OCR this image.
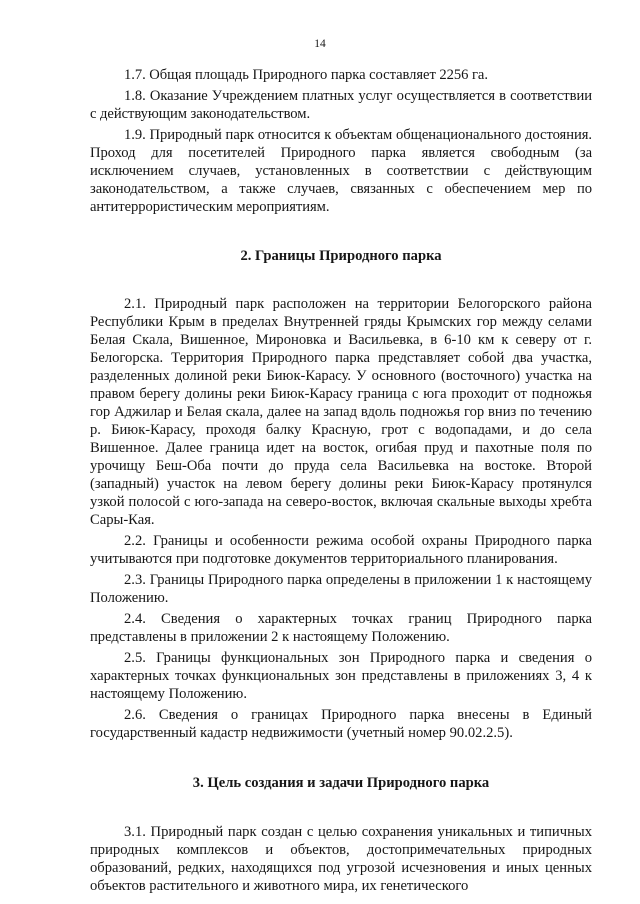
14

1.7. Общая площадь Природного парка составляет 2256 га.

1.8. Оказание Учреждением платных услуг осуществляется в соответствии с действующим законодательством.

1.9. Природный парк относится к объектам общенационального достояния. Проход для посетителей Природного парка является свободным (за исключением случаев, установленных в соответствии с действующим законодательством, а также случаев, связанных с обеспечением мер по антитеррористическим мероприятиям.

2. Границы Природного парка

2.1. Природный парк расположен на территории Белогорского района Республики Крым в пределах Внутренней гряды Крымских гор между селами Белая Скала, Вишенное, Мироновка и Васильевка, в 6-10 км к северу от г. Белогорска. Территория Природного парка представляет собой два участка, разделенных долиной реки Биюк-Карасу. У основного (восточного) участка на правом берегу долины реки Биюк-Карасу граница с юга проходит от подножья гор Аджилар и Белая скала, далее на запад вдоль подножья гор вниз по течению р. Биюк-Карасу, проходя балку Красную, грот с водопадами, и до села Вишенное. Далее граница идет на восток, огибая пруд и пахотные поля по урочищу Беш-Оба почти до пруда села Васильевка на востоке. Второй (западный) участок на левом берегу долины реки Биюк-Карасу протянулся узкой полосой с юго-запада на северо-восток, включая скальные выходы хребта Сары-Кая.

2.2. Границы и особенности режима особой охраны Природного парка учитываются при подготовке документов территориального планирования.

2.3. Границы Природного парка определены в приложении 1 к настоящему Положению.

2.4. Сведения о характерных точках границ Природного парка представлены в приложении 2 к настоящему Положению.

2.5. Границы функциональных зон Природного парка и сведения о характерных точках функциональных зон представлены в приложениях 3, 4 к настоящему Положению.

2.6. Сведения о границах Природного парка внесены в Единый государственный кадастр недвижимости (учетный номер 90.02.2.5).

3. Цель создания и задачи Природного парка

3.1. Природный парк создан с целью сохранения уникальных и типичных природных комплексов и объектов, достопримечательных природных образований, редких, находящихся под угрозой исчезновения и иных ценных объектов растительного и животного мира, их генетического
